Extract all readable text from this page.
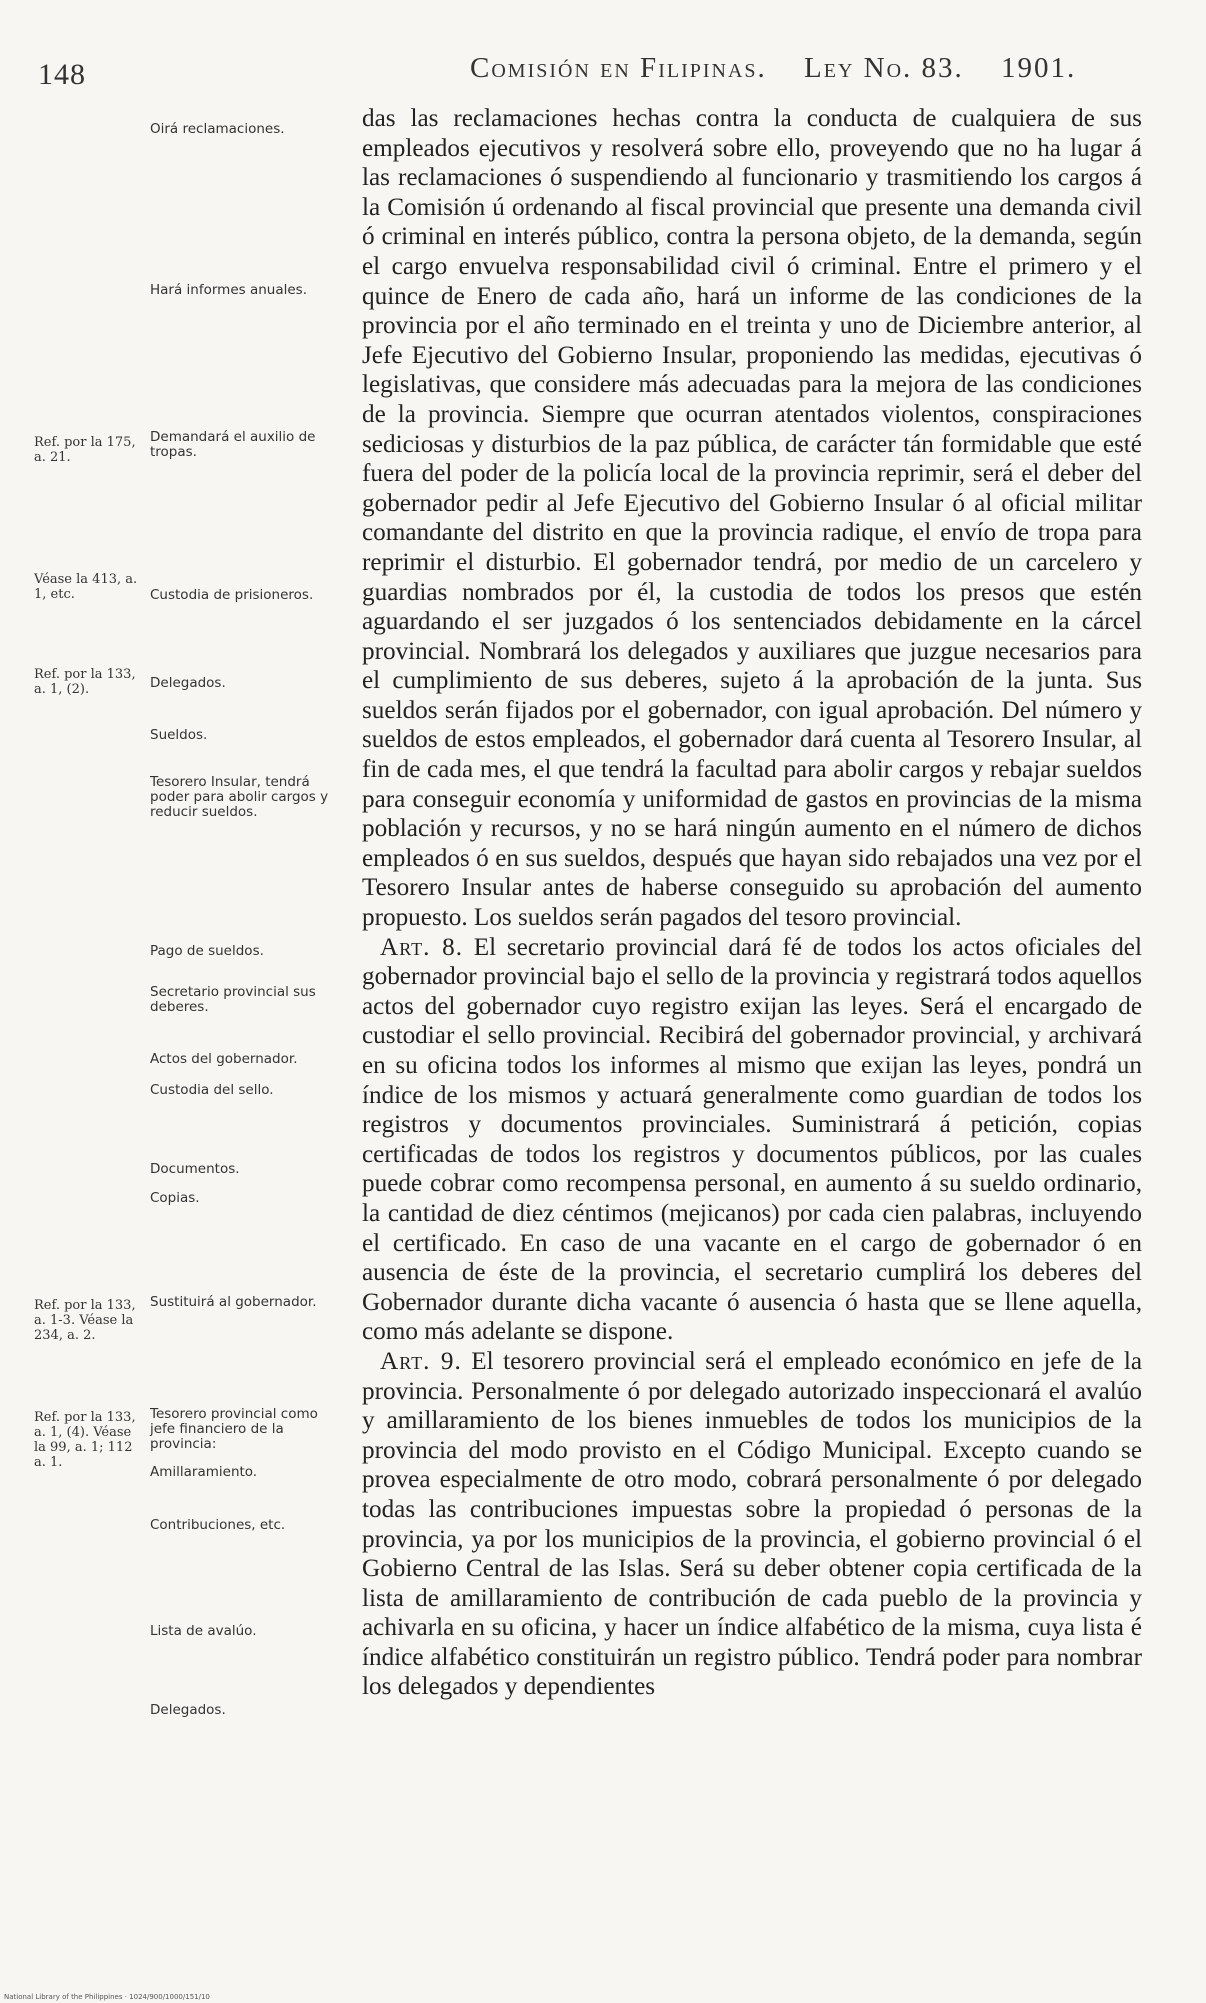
148	Comisión en Filipinas. Ley No. 83. 1901.
Oirá reclamaciones.
Hará informes anuales.
Demandará el auxilio de tropas.
Custodia de prisioneros.
Delegados.
Sueldos.
Tesorero Insular, tendrá poder para abolir cargos y reducir sueldos.
Pago de sueldos.
Secretario provincial sus deberes.
Actos del gobernador.
Custodia del sello.
Documentos.
Copias.
Sustituirá al gobernador.
Tesorero provincial como jefe financiero de la provincia:
Amillaramiento.
Contribuciones, etc.
Lista de avalúo.
Delegados.
Ref. por la 175, a. 21.
Véase la 413, a. 1, etc.
Ref. por la 133, a. 1, (2).
Ref. por la 133, a. 1-3. Véase la 234, a. 2.
Ref. por la 133, a. 1, (4). Véase la 99, a. 1; 112 a. 1.

das las reclamaciones hechas contra la conducta de cualquiera de sus empleados ejecutivos y resolverá sobre ello, proveyendo que no ha lugar á las reclamaciones ó suspendiendo al funcionario y trasmitiendo los cargos á la Comisión ú ordenando al fiscal provincial que presente una demanda civil ó criminal en interés público, contra la persona objeto, de la demanda, según el cargo envuelva responsabilidad civil ó criminal. Entre el primero y el quince de Enero de cada año, hará un informe de las condiciones de la provincia por el año terminado en el treinta y uno de Diciembre anterior, al Jefe Ejecutivo del Gobierno Insular, proponiendo las medidas, ejecutivas ó legislativas, que considere más adecuadas para la mejora de las condiciones de la provincia. Siempre que ocurran atentados violentos, conspiraciones sediciosas y disturbios de la paz pública, de carácter tán formidable que esté fuera del poder de la policía local de la provincia reprimir, será el deber del gobernador pedir al Jefe Ejecutivo del Gobierno Insular ó al oficial militar comandante del distrito en que la provincia radique, el envío de tropa para reprimir el disturbio. El gobernador tendrá, por medio de un carcelero y guardias nombrados por él, la custodia de todos los presos que estén aguardando el ser juzgados ó los sentenciados debidamente en la cárcel provincial. Nombrará los delegados y auxiliares que juzgue necesarios para el cumplimiento de sus deberes, sujeto á la aprobación de la junta. Sus sueldos serán fijados por el gobernador, con igual aprobación. Del número y sueldos de estos empleados, el gobernador dará cuenta al Tesorero Insular, al fin de cada mes, el que tendrá la facultad para abolir cargos y rebajar sueldos para conseguir economía y uniformidad de gastos en provincias de la misma población y recursos, y no se hará ningún aumento en el número de dichos empleados ó en sus sueldos, después que hayan sido rebajados una vez por el Tesorero Insular antes de haberse conseguido su aprobación del aumento propuesto. Los sueldos serán pagados del tesoro provincial.

Art. 8. El secretario provincial dará fé de todos los actos oficiales del gobernador provincial bajo el sello de la provincia y registrará todos aquellos actos del gobernador cuyo registro exijan las leyes. Será el encargado de custodiar el sello provincial. Recibirá del gobernador provincial, y archivará en su oficina todos los informes al mismo que exijan las leyes, pondrá un índice de los mismos y actuará generalmente como guardian de todos los registros y documentos provinciales. Suministrará á petición, copias certificadas de todos los registros y documentos públicos, por las cuales puede cobrar como recompensa personal, en aumento á su sueldo ordinario, la cantidad de diez céntimos (mejicanos) por cada cien palabras, incluyendo el certificado. En caso de una vacante en el cargo de gobernador ó en ausencia de éste de la provincia, el secretario cumplirá los deberes del Gobernador durante dicha vacante ó ausencia ó hasta que se llene aquella, como más adelante se dispone.

Art. 9. El tesorero provincial será el empleado económico en jefe de la provincia. Personalmente ó por delegado autorizado inspeccionará el avalúo y amillaramiento de los bienes inmuebles de todos los municipios de la provincia del modo provisto en el Código Municipal. Excepto cuando se provea especialmente de otro modo, cobrará personalmente ó por delegado todas las contribuciones impuestas sobre la propiedad ó personas de la provincia, ya por los municipios de la provincia, el gobierno provincial ó el Gobierno Central de las Islas. Será su deber obtener copia certificada de la lista de amillaramiento de contribución de cada pueblo de la provincia y achivarla en su oficina, y hacer un índice alfabético de la misma, cuya lista é índice alfabético constituirán un registro público. Tendrá poder para nombrar los delegados y dependientes

National Library of the Philippines · 1024/900/1000/151/10
